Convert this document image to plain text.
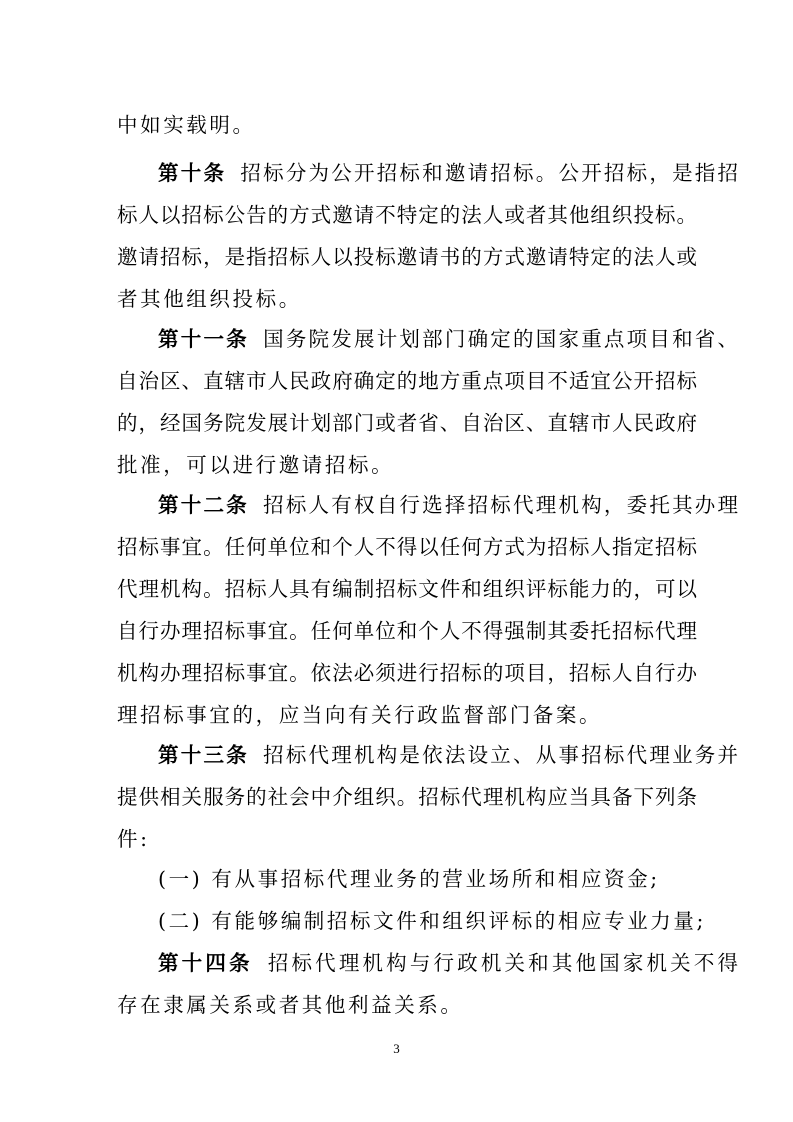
中如实载明。
第十条 招标分为公开招标和邀请招标。公开招标，是指招
标人以招标公告的方式邀请不特定的法人或者其他组织投标。
邀请招标，是指招标人以投标邀请书的方式邀请特定的法人或
者其他组织投标。
第十一条 国务院发展计划部门确定的国家重点项目和省、
自治区、直辖市人民政府确定的地方重点项目不适宜公开招标
的，经国务院发展计划部门或者省、自治区、直辖市人民政府
批准，可以进行邀请招标。
第十二条 招标人有权自行选择招标代理机构，委托其办理
招标事宜。任何单位和个人不得以任何方式为招标人指定招标
代理机构。招标人具有编制招标文件和组织评标能力的，可以
自行办理招标事宜。任何单位和个人不得强制其委托招标代理
机构办理招标事宜。依法必须进行招标的项目，招标人自行办
理招标事宜的，应当向有关行政监督部门备案。
第十三条 招标代理机构是依法设立、从事招标代理业务并
提供相关服务的社会中介组织。招标代理机构应当具备下列条
件:
(一) 有从事招标代理业务的营业场所和相应资金;
(二) 有能够编制招标文件和组织评标的相应专业力量;
第十四条 招标代理机构与行政机关和其他国家机关不得
存在隶属关系或者其他利益关系。
3
